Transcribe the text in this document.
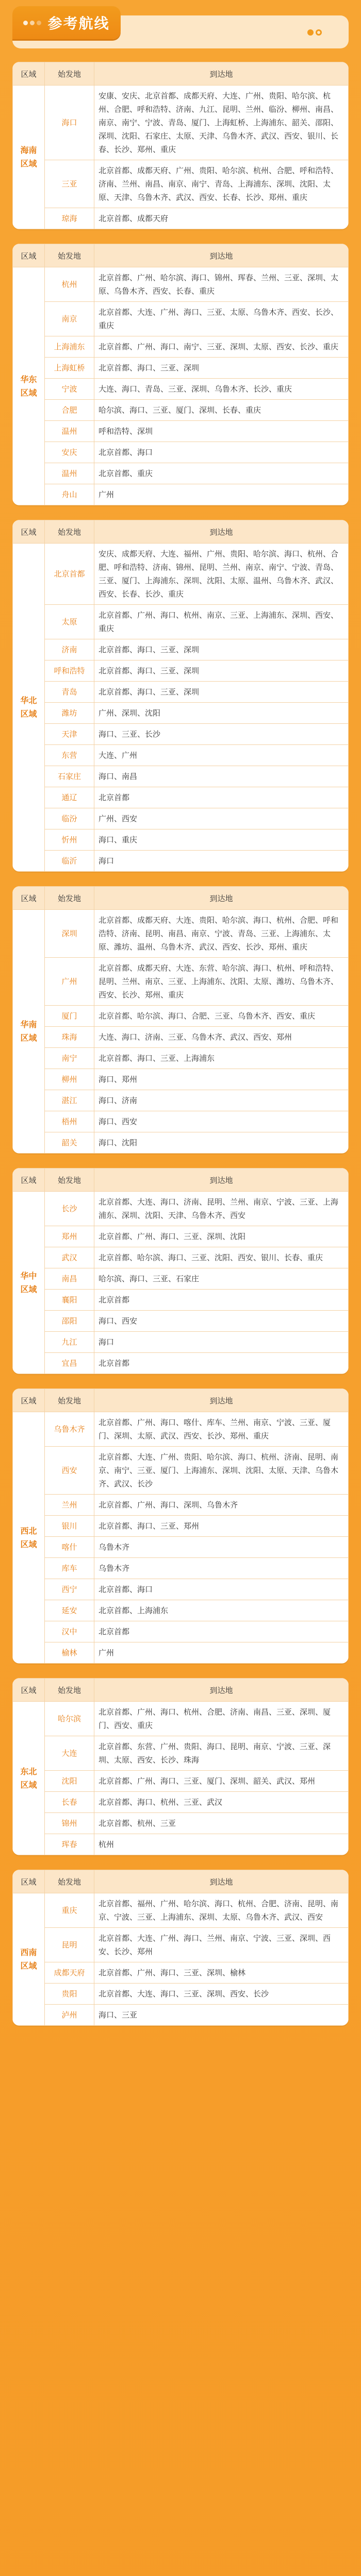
参考航线
区域	始发地	到达地
海南区域	海口	安康、安庆、北京首都、成都天府、大连、广州、贵阳、哈尔滨、杭州、合肥、呼和浩特、济南、九江、昆明、兰州、临汾、柳州、南昌、南京、南宁、宁波、青岛、厦门、上海虹桥、上海浦东、韶关、邵阳、深圳、沈阳、石家庄、太原、天津、乌鲁木齐、武汉、西安、银川、长春、长沙、郑州、重庆
	三亚	北京首都、成都天府、广州、贵阳、哈尔滨、杭州、合肥、呼和浩特、济南、兰州、南昌、南京、南宁、青岛、上海浦东、深圳、沈阳、太原、天津、乌鲁木齐、武汉、西安、长春、长沙、郑州、重庆
	琼海	北京首都、成都天府
区域	始发地	到达地
华东区域	杭州	北京首都、广州、哈尔滨、海口、锦州、珲春、兰州、三亚、深圳、太原、乌鲁木齐、西安、长春、重庆
	南京	北京首都、大连、广州、海口、三亚、太原、乌鲁木齐、西安、长沙、重庆
	上海浦东	北京首都、广州、海口、南宁、三亚、深圳、太原、西安、长沙、重庆
	上海虹桥	北京首都、海口、三亚、深圳
	宁波	大连、海口、青岛、三亚、深圳、乌鲁木齐、长沙、重庆
	合肥	哈尔滨、海口、三亚、厦门、深圳、长春、重庆
	温州	呼和浩特、深圳
	安庆	北京首都、海口
	温州	北京首都、重庆
	舟山	广州
区域	始发地	到达地
华北区域	北京首都	安庆、成都天府、大连、福州、广州、贵阳、哈尔滨、海口、杭州、合肥、呼和浩特、济南、锦州、昆明、兰州、南京、南宁、宁波、青岛、三亚、厦门、上海浦东、深圳、沈阳、太原、温州、乌鲁木齐、武汉、西安、长春、长沙、重庆
	太原	北京首都、广州、海口、杭州、南京、三亚、上海浦东、深圳、西安、重庆
	济南	北京首都、海口、三亚、深圳
	呼和浩特	北京首都、海口、三亚、深圳
	青岛	北京首都、海口、三亚、深圳
	潍坊	广州、深圳、沈阳
	天津	海口、三亚、长沙
	东营	大连、广州
	石家庄	海口、南昌
	通辽	北京首都
	临汾	广州、西安
	忻州	海口、重庆
	临沂	海口
区域	始发地	到达地
华南区域	深圳	北京首都、成都天府、大连、贵阳、哈尔滨、海口、杭州、合肥、呼和浩特、济南、昆明、南昌、南京、宁波、青岛、三亚、上海浦东、太原、潍坊、温州、乌鲁木齐、武汉、西安、长沙、郑州、重庆
	广州	北京首都、成都天府、大连、东营、哈尔滨、海口、杭州、呼和浩特、昆明、兰州、南京、三亚、上海浦东、沈阳、太原、潍坊、乌鲁木齐、西安、长沙、郑州、重庆
	厦门	北京首都、哈尔滨、海口、合肥、三亚、乌鲁木齐、西安、重庆
	珠海	大连、海口、济南、三亚、乌鲁木齐、武汉、西安、郑州
	南宁	北京首都、海口、三亚、上海浦东
	柳州	海口、郑州
	湛江	海口、济南
	梧州	海口、西安
	韶关	海口、沈阳
区域	始发地	到达地
华中区域	长沙	北京首都、大连、海口、济南、昆明、兰州、南京、宁波、三亚、上海浦东、深圳、沈阳、天津、乌鲁木齐、西安
	郑州	北京首都、广州、海口、三亚、深圳、沈阳
	武汉	北京首都、哈尔滨、海口、三亚、沈阳、西安、银川、长春、重庆
	南昌	哈尔滨、海口、三亚、石家庄
	襄阳	北京首都
	邵阳	海口、西安
	九江	海口
	宜昌	北京首都
区域	始发地	到达地
西北区域	乌鲁木齐	北京首都、广州、海口、喀什、库车、兰州、南京、宁波、三亚、厦门、深圳、太原、武汉、西安、长沙、郑州、重庆
	西安	北京首都、大连、广州、贵阳、哈尔滨、海口、杭州、济南、昆明、南京、南宁、三亚、厦门、上海浦东、深圳、沈阳、太原、天津、乌鲁木齐、武汉、长沙
	兰州	北京首都、广州、海口、深圳、乌鲁木齐
	银川	北京首都、海口、三亚、郑州
	喀什	乌鲁木齐
	库车	乌鲁木齐
	西宁	北京首都、海口
	延安	北京首都、上海浦东
	汉中	北京首都
	榆林	广州
区域	始发地	到达地
东北区域	哈尔滨	北京首都、广州、海口、杭州、合肥、济南、南昌、三亚、深圳、厦门、西安、重庆
	大连	北京首都、东营、广州、贵阳、海口、昆明、南京、宁波、三亚、深圳、太原、西安、长沙、珠海
	沈阳	北京首都、广州、海口、三亚、厦门、深圳、韶关、武汉、郑州
	长春	北京首都、海口、杭州、三亚、武汉
	锦州	北京首都、杭州、三亚
	珲春	杭州
区域	始发地	到达地
西南区域	重庆	北京首都、福州、广州、哈尔滨、海口、杭州、合肥、济南、昆明、南京、宁波、三亚、上海浦东、深圳、太原、乌鲁木齐、武汉、西安
	昆明	北京首都、大连、广州、海口、兰州、南京、宁波、三亚、深圳、西安、长沙、郑州
	成都天府	北京首都、广州、海口、三亚、深圳、榆林
	贵阳	北京首都、大连、海口、三亚、深圳、西安、长沙
	泸州	海口、三亚
